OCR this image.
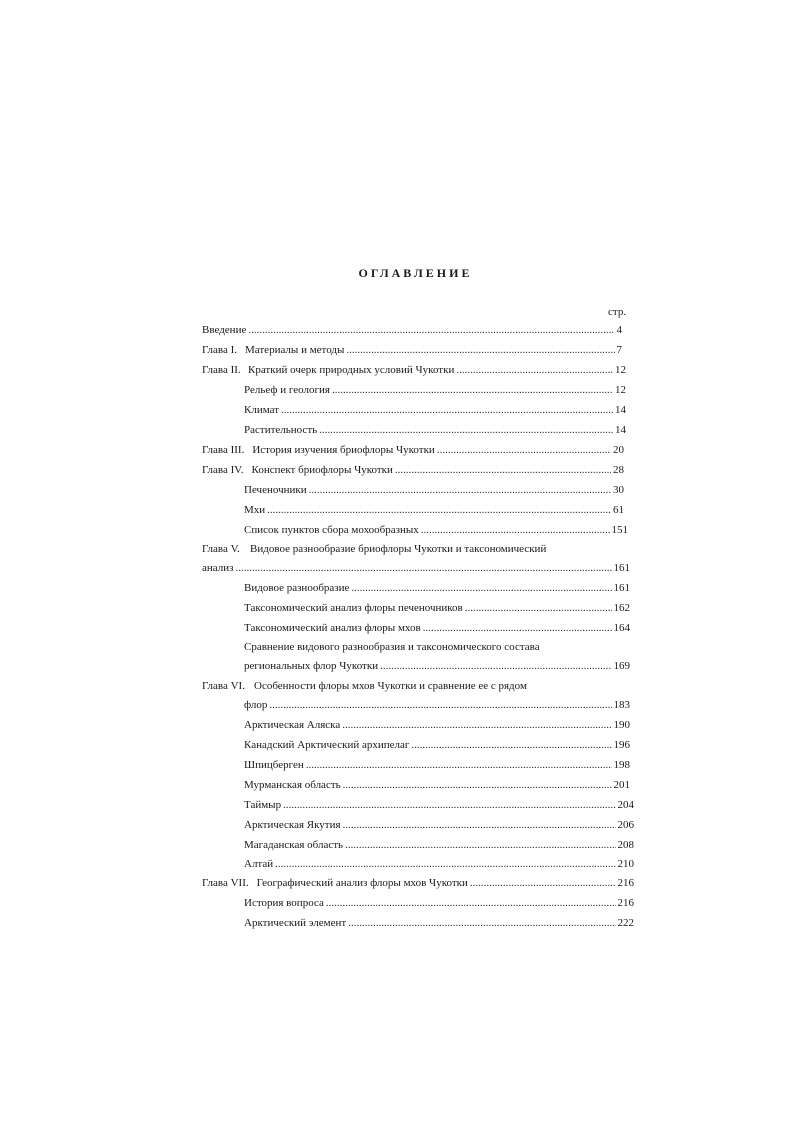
ОГЛАВЛЕНИЕ
стр.
Введение .....	4
Глава I. Материалы и методы .....	7
Глава II. Краткий очерк природных условий Чукотки .....	12
Рельеф и геология .....	12
Климат .....	14
Растительность .....	14
Глава III. История изучения бриофлоры Чукотки .....	20
Глава IV. Конспект бриофлоры Чукотки .....	28
Печеночники .....	30
Мхи .....	61
Список пунктов сбора мохообразных .....	151
Глава V. Видовое разнообразие бриофлоры Чукотки и таксономический
анализ .....	161
Видовое разнообразие .....	161
Таксономический анализ флоры печеночников .....	162
Таксономический анализ флоры мхов .....	164
Сравнение видового разнообразия и таксономического состава
региональных флор Чукотки .....	169
Глава VI. Особенности флоры мхов Чукотки и сравнение ее с рядом
флор .....	183
Арктическая Аляска .....	190
Канадский Арктический архипелаг .....	196
Шпицберген .....	198
Мурманская область .....	201
Таймыр .....	204
Арктическая Якутия .....	206
Магаданская область .....	208
Алтай .....	210
Глава VII. Географический анализ флоры мхов Чукотки .....	216
История вопроса .....	216
Арктический элемент .....	222
